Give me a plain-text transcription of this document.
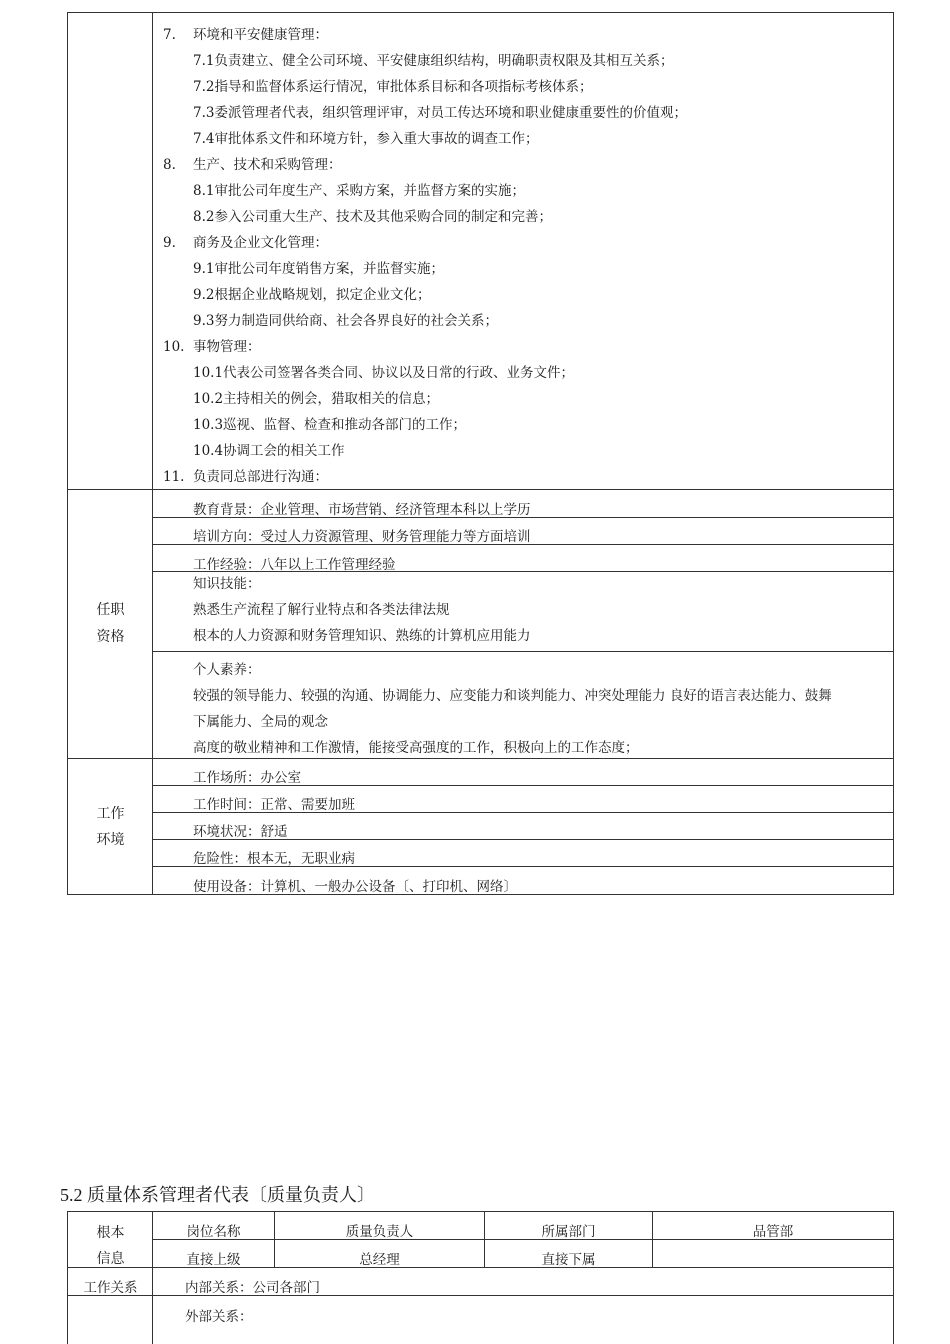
7. 环境和平安健康管理：
7.1负责建立、健全公司环境、平安健康组织结构，明确职责权限及其相互关系；
7.2指导和监督体系运行情况，审批体系目标和各项指标考核体系；
7.3委派管理者代表，组织管理评审，对员工传达环境和职业健康重要性的价值观；
7.4审批体系文件和环境方针，参入重大事故的调查工作；
8. 生产、技术和采购管理：
8.1审批公司年度生产、采购方案，并监督方案的实施；
8.2参入公司重大生产、技术及其他采购合同的制定和完善；
9. 商务及企业文化管理：
9.1审批公司年度销售方案，并监督实施；
9.2根据企业战略规划，拟定企业文化；
9.3努力制造同供给商、社会各界良好的社会关系；
10. 事物管理：
10.1代表公司签署各类合同、协议以及日常的行政、业务文件；
10.2主持相关的例会，猎取相关的信息；
10.3巡视、监督、检查和推动各部门的工作；
10.4协调工会的相关工作
11. 负责同总部进行沟通：
任职
资格
教育背景：企业管理、市场营销、经济管理本科以上学历
培训方向：受过人力资源管理、财务管理能力等方面培训
工作经验：八年以上工作管理经验
知识技能：
熟悉生产流程了解行业特点和各类法律法规
根本的人力资源和财务管理知识、熟练的计算机应用能力
个人素养：
较强的领导能力、较强的沟通、协调能力、应变能力和谈判能力、冲突处理能力 良好的语言表达能力、鼓舞
下属能力、全局的观念
高度的敬业精神和工作激情，能接受高强度的工作，积极向上的工作态度；
工作
环境
工作场所：办公室
工作时间：正常、需要加班
环境状况：舒适
危险性：根本无，无职业病
使用设备：计算机、一般办公设备〔、打印机、网络〕
5.2 质量体系管理者代表〔质量负责人〕
根本
信息
岗位名称	质量负责人	所属部门	品管部
直接上级	总经理	直接下属
工作关系	内部关系：公司各部门
外部关系：
